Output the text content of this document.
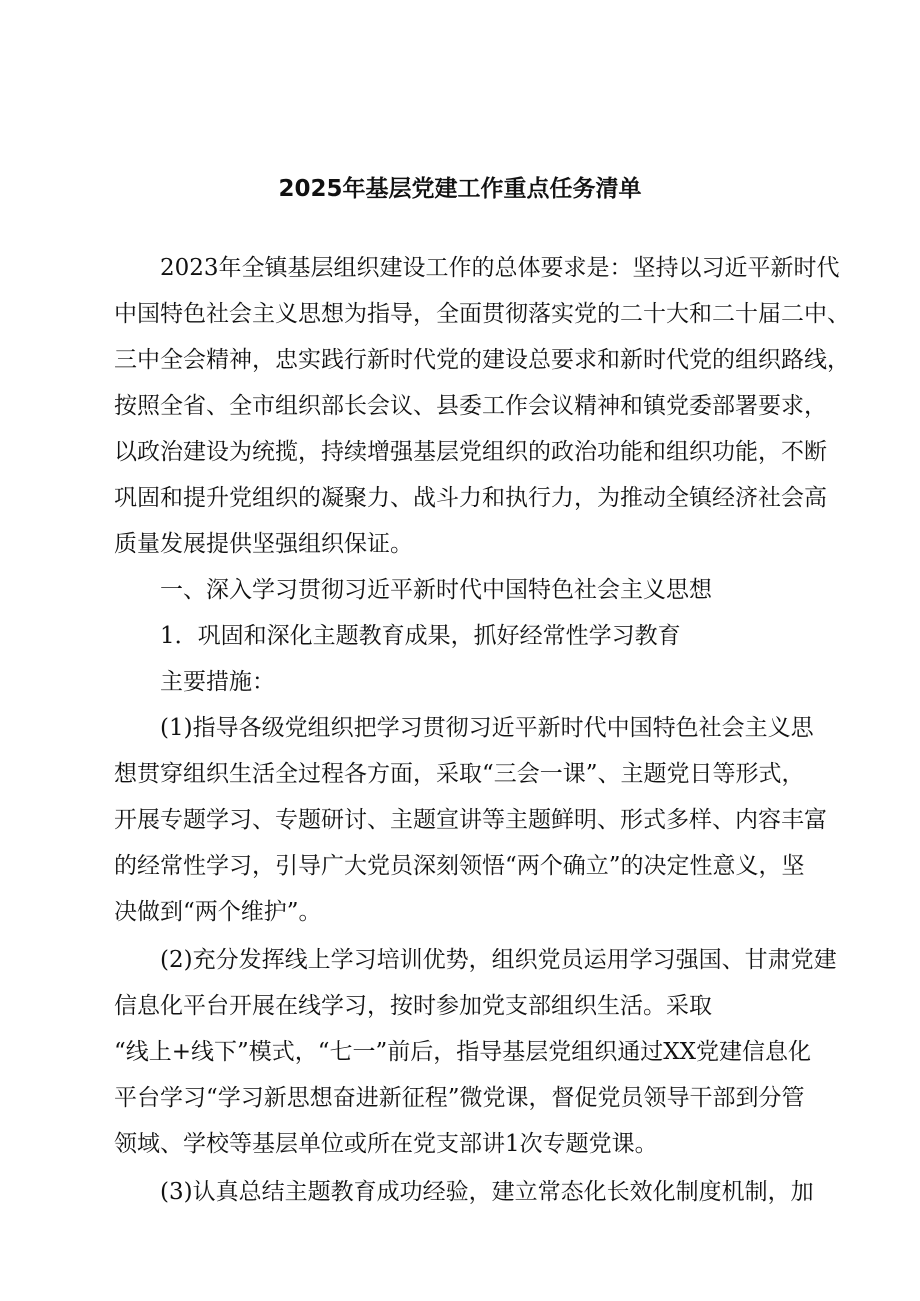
2025年基层党建工作重点任务清单
2023年全镇基层组织建设工作的总体要求是：坚持以习近平新时代
中国特色社会主义思想为指导，全面贯彻落实党的二十大和二十届二中、
三中全会精神，忠实践行新时代党的建设总要求和新时代党的组织路线，
按照全省、全市组织部长会议、县委工作会议精神和镇党委部署要求，
以政治建设为统揽，持续增强基层党组织的政治功能和组织功能，不断
巩固和提升党组织的凝聚力、战斗力和执行力，为推动全镇经济社会高
质量发展提供坚强组织保证。
一、深入学习贯彻习近平新时代中国特色社会主义思想
1．巩固和深化主题教育成果，抓好经常性学习教育
主要措施：
(1)指导各级党组织把学习贯彻习近平新时代中国特色社会主义思
想贯穿组织生活全过程各方面，采取“三会一课”、主题党日等形式，
开展专题学习、专题研讨、主题宣讲等主题鲜明、形式多样、内容丰富
的经常性学习，引导广大党员深刻领悟“两个确立”的决定性意义，坚
决做到“两个维护”。
(2)充分发挥线上学习培训优势，组织党员运用学习强国、甘肃党建
信息化平台开展在线学习，按时参加党支部组织生活。采取
“线上+线下”模式，“七一”前后，指导基层党组织通过XX党建信息化
平台学习“学习新思想奋进新征程”微党课，督促党员领导干部到分管
领域、学校等基层单位或所在党支部讲1次专题党课。
(3)认真总结主题教育成功经验，建立常态化长效化制度机制，加
